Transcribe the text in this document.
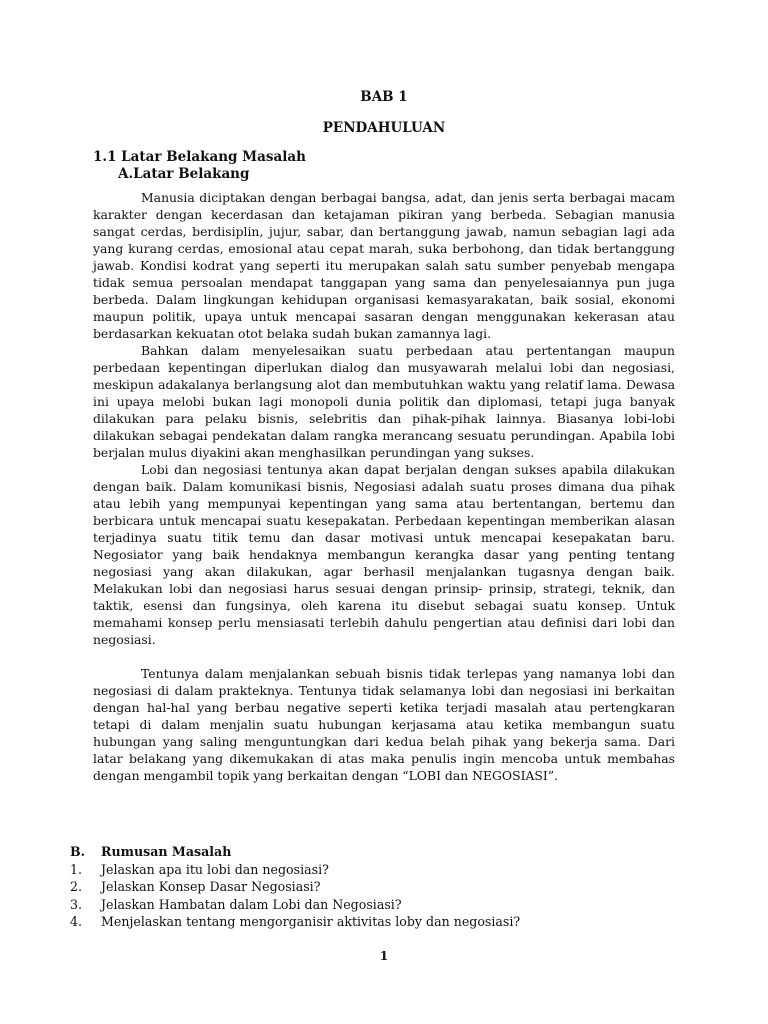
BAB 1
PENDAHULUAN
1.1 Latar Belakang Masalah
A.Latar Belakang

Manusia diciptakan dengan berbagai bangsa, adat, dan jenis serta berbagai macam karakter dengan kecerdasan dan ketajaman pikiran yang berbeda. Sebagian manusia sangat cerdas, berdisiplin, jujur, sabar, dan bertanggung jawab, namun sebagian lagi ada yang kurang cerdas, emosional atau cepat marah, suka berbohong, dan tidak bertanggung jawab. Kondisi kodrat yang seperti itu merupakan salah satu sumber penyebab mengapa tidak semua persoalan mendapat tanggapan yang sama dan penyelesaiannya pun juga berbeda. Dalam lingkungan kehidupan organisasi kemasyarakatan, baik sosial, ekonomi maupun politik, upaya untuk mencapai sasaran dengan menggunakan kekerasan atau berdasarkan kekuatan otot belaka sudah bukan zamannya lagi.

Bahkan dalam menyelesaikan suatu perbedaan atau pertentangan maupun perbedaan kepentingan diperlukan dialog dan musyawarah melalui lobi dan negosiasi, meskipun adakalanya berlangsung alot dan membutuhkan waktu yang relatif lama. Dewasa ini upaya melobi bukan lagi monopoli dunia politik dan diplomasi, tetapi juga banyak dilakukan para pelaku bisnis, selebritis dan pihak-pihak lainnya. Biasanya lobi-lobi dilakukan sebagai pendekatan dalam rangka merancang sesuatu perundingan. Apabila lobi berjalan mulus diyakini akan menghasilkan perundingan yang sukses.

Lobi dan negosiasi tentunya akan dapat berjalan dengan sukses apabila dilakukan dengan baik. Dalam komunikasi bisnis, Negosiasi adalah suatu proses dimana dua pihak atau lebih yang mempunyai kepentingan yang sama atau bertentangan, bertemu dan berbicara untuk mencapai suatu kesepakatan. Perbedaan kepentingan memberikan alasan terjadinya suatu titik temu dan dasar motivasi untuk mencapai kesepakatan baru. Negosiator yang baik hendaknya membangun kerangka dasar yang penting tentang negosiasi yang akan dilakukan, agar berhasil menjalankan tugasnya dengan baik. Melakukan lobi dan negosiasi harus sesuai dengan prinsip- prinsip, strategi, teknik, dan taktik, esensi dan fungsinya, oleh karena itu disebut sebagai suatu konsep. Untuk memahami konsep perlu mensiasati terlebih dahulu pengertian atau definisi dari lobi dan negosiasi.

Tentunya dalam menjalankan sebuah bisnis tidak terlepas yang namanya lobi dan negosiasi di dalam prakteknya. Tentunya tidak selamanya lobi dan negosiasi ini berkaitan dengan hal-hal yang berbau negative seperti ketika terjadi masalah atau pertengkaran tetapi di dalam menjalin suatu hubungan kerjasama atau ketika membangun suatu hubungan yang saling menguntungkan dari kedua belah pihak yang bekerja sama. Dari latar belakang yang dikemukakan di atas maka penulis ingin mencoba untuk membahas dengan mengambil topik yang berkaitan dengan “LOBI dan NEGOSIASI”.

B.	Rumusan Masalah
1.	Jelaskan apa itu lobi dan negosiasi?
2.	Jelaskan Konsep Dasar Negosiasi?
3.	Jelaskan Hambatan dalam Lobi dan Negosiasi?
4.	Menjelaskan tentang mengorganisir aktivitas loby dan negosiasi?
1
